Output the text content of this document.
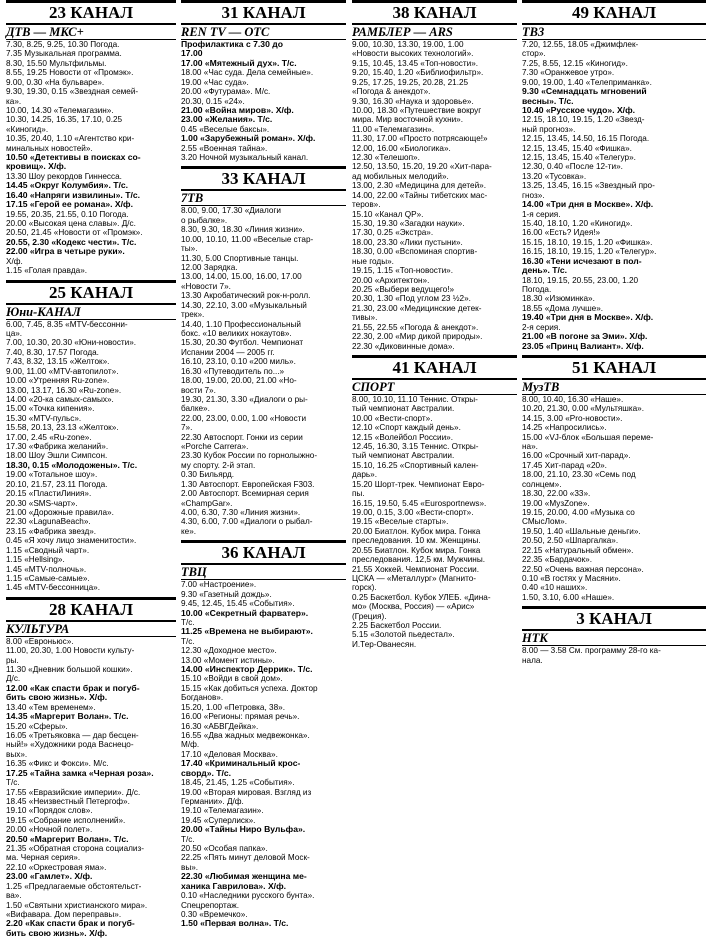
23 КАНАЛ
ДТВ — МКС+
7.30, 8.25, 9.25, 10.30 Погода.
7.35 Музыкальная программа.
8.30, 15.50 Мультфильмы.
8.55, 19.25 Новости от «Промэк».
9.00, 0.30 «На бульваре».
9.30, 19.30, 0.15 «Звездная семей-
ка».
10.00, 14.30 «Телемагазин».
10.30, 14.25, 16.35, 17.10, 0.25
«Киногид».
10.35, 20.40, 1.10 «Агентство кри-
минальных новостей».
10.50 «Детективы в поисках со-
кровищ». Х/ф.
13.30 Шоу рекордов Гиннесса.
14.45 «Округ Колумбия». Т/с.
16.40 «Напряги извилины». Т/с.
17.15 «Герой ее романа». Х/ф.
19.55, 20.35, 21.55, 0.10 Погода.
20.00 «Высокая цена славы». Д/с.
20.50, 21.45 «Новости от «Промэк».
20.55, 2.30 «Кодекс чести». Т/с.
22.00 «Игра в четыре руки».
Х/ф.
1.15 «Голая правда».
25 КАНАЛ
Юни-КАНАЛ
6.00, 7.45, 8.35 «MTV-бессонни-
ца».
7.00, 10.30, 20.30 «Юни-новости».
7.40, 8.30, 17.57 Погода.
7.43, 8.32, 13.15 «Желток».
9.00, 11.00 «MTV-автопилот».
10.00 «Утренняя Ru-zone».
13.00, 13.17, 16.30 «Ru-zone».
14.00 «20-ка самых-самых».
15.00 «Точка кипения».
15.30 «MTV-пульс».
15.58, 20.13, 23.13 «Желток».
17.00, 2.45 «Ru-zone».
17.30 «Фабрика желаний».
18.00 Шоу Эшли Симпсон.
18.30, 0.15 «Молодожены». Т/с.
19.00 «Тотальное шоу».
20.10, 21.57, 23.11 Погода.
20.15 «ПластиЛиния».
20.30 «SMS-чарт».
21.00 «Дорожные правила».
22.30 «LagunaBeach».
23.15 «Фабрика звезд».
0.45 «Я хочу лицо знаменитости».
1.15 «Сводный чарт».
1.15 «Hellsing».
1.45 «MTV-полночь».
1.15 «Самые-самые».
1.45 «MTV-бессонница».
28 КАНАЛ
КУЛЬТУРА
8.00 «Евроньюс».
11.00, 20.30, 1.00 Новости культу-
ры.
11.30 «Дневник большой кошки».
Д/с.
12.00 «Как спасти брак и погуб-
бить свою жизнь». Х/ф.
13.40 «Тем временем».
14.35 «Маргерит Волан». Т/с.
15.20 «Сферы».
16.05 «Третьяковка — дар бесцен-
ный!» «Художники рода Васнецо-
вых».
16.35 «Фикс и Фокси». М/с.
17.25 «Тайна замка «Черная роза».
Т/с.
17.55 «Евразийские империи». Д/с.
18.45 «Неизвестный Петергоф».
19.10 «Порядок слов».
19.15 «Собрание исполнений».
20.00 «Ночной полет».
20.50 «Маргерит Волан». Т/с.
21.35 «Обратная сторона социализ-
ма. Черная серия».
22.10 «Оркестровая яма».
23.00 «Гамлет». Х/ф.
1.25 «Предлагаемые обстоятельст-
ва».
1.50 «Святыни христианского мира».
«Вифавара. Дом переправы».
2.20 «Как спасти брак и погуб-
бить свою жизнь». Х/ф.
31 КАНАЛ
REN TV — ОТС
Профилактика с 7.30 до
17.00
17.00 «Мятежный дух». Т/с.
18.00 «Час суда. Дела семейные».
19.00 «Час суда».
20.00 «Футурама». М/с.
20.30, 0.15 «24».
21.00 «Война миров». Х/ф.
23.00 «Желания». Т/с.
0.45 «Веселые баксы».
1.00 «Зарубежный роман». Х/ф.
2.55 «Военная тайна».
3.20 Ночной музыкальный канал.
33 КАНАЛ
7ТВ
8.00, 9.00, 17.30 «Диалоги
о рыбалке».
8.30, 9.30, 18.30 «Линия жизни».
10.00, 10.10, 11.00 «Веселые стар-
ты».
11.30, 5.00 Спортивные танцы.
12.00 Зарядка.
13.00, 14.00, 15.00, 16.00, 17.00
«Новости 7».
13.30 Акробатический рок-н-ролл.
14.30, 22.10, 3.00 «Музыкальный
трек».
14.40, 1.10 Профессиональный
бокс. «10 великих нокаутов».
15.30, 20.30 Футбол. Чемпионат
Испании 2004 — 2005 гг.
16.10, 23.10, 0.10 «200 миль».
16.30 «Путеводитель по...»
18.00, 19.00, 20.00, 21.00 «Но-
вости 7».
19.30, 21.30, 3.30 «Диалоги о ры-
балке».
22.00, 23.00, 0.00, 1.00 «Новости
7».
22.30 Автоспорт. Гонки из серии
«Porche Carrera».
23.30 Кубок России по горнолыжно-
му спорту. 2-й этап.
0.30 Бильярд.
1.30 Автоспорт. Европейская F303.
2.00 Автоспорт. Всемирная серия
«ChampGar».
4.00, 6.30, 7.30 «Линия жизни».
4.30, 6.00, 7.00 «Диалоги о рыбал-
ке».
36 КАНАЛ
ТВЦ
7.00 «Настроение».
9.30 «Газетный дождь».
9.45, 12.45, 15.45 «События».
10.00 «Секретный фарватер».
Т/с.
11.25 «Времена не выбирают».
Т/с.
12.30 «Доходное место».
13.00 «Момент истины».
14.00 «Инспектор Деррик». Т/с.
15.10 «Войди в свой дом».
15.15 «Как добиться успеха. Доктор
Богданов».
15.20, 1.00 «Петровка, 38».
16.00 «Регионы: прямая речь».
16.30 «АБВГДейка».
16.55 «Два жадных медвежонка».
М/ф.
17.10 «Деловая Москва».
17.40 «Криминальный крос-
сворд». Т/с.
18.45, 21.45, 1.25 «События».
19.00 «Вторая мировая. Взгляд из
Германии». Д/ф.
19.10 «Телемагазин».
19.45 «Суперлиск».
20.00 «Тайны Ниро Вульфа».
Т/с.
20.50 «Особая папка».
22.25 «Пять минут деловой Моск-
вы».
22.30 «Любимая женщина ме-
ханика Гаврилова». Х/ф.
0.10 «Наследники русского бунта».
Спецрепортаж.
0.30 «Времечко».
1.50 «Первая волна». Т/с.
38 КАНАЛ
РАМБЛЕР — ARS
9.00, 10.30, 13.30, 19.00, 1.00
«Новости высоких технологий».
9.15, 10.45, 13.45 «Топ-новости».
9.20, 15.40, 1.20 «Библиофильтр».
9.25, 17.25, 19.25, 20.28, 21.25
«Погода & анекдот».
9.30, 16.30 «Наука и здоровье».
10.00, 18.30 «Путешествие вокруг
мира. Мир восточной кухни».
11.00 «Телемагазин».
11.30, 17.00 «Просто потрясающе!»
12.00, 16.00 «Биологика».
12.30 «Телешоп».
12.50, 13.50, 15.20, 19.20 «Хит-пара-
ад мобильных мелодий».
13.00, 2.30 «Медицина для детей».
14.00, 22.00 «Тайны тибетских мас-
теров».
15.10 «Канал QP».
15.30, 19.30 «Загадки науки».
17.30, 0.25 «Экстра».
18.00, 23.30 «Лики пустыни».
18.30, 0.00 «Вспоминая спортив-
ные годы».
19.15, 1.15 «Топ-новости».
20.00 «Архитектон».
20.25 «Выбери ведущего!»
20.30, 1.30 «Под углом 23 ½2».
21.30, 23.00 «Медицинские детек-
тивы».
21.55, 22.55 «Погода & анекдот».
22.30, 2.00 «Мир дикой природы».
22.30 «Диковинные дома».
41 КАНАЛ
СПОРТ
8.00, 10.10, 11.10 Теннис. Откры-
тый чемпионат Австралии.
10.00 «Вести-спорт».
12.10 «Спорт каждый день».
12.15 «Волейбол России».
12.45, 16.30, 3.15 Теннис. Откры-
тый чемпионат Австралии.
15.10, 16.25 «Спортивный кален-
дарь».
15.20 Шорт-трек. Чемпионат Евро-
пы.
16.15, 19.50, 5.45 «Eurosportnews».
19.00, 0.15, 3.00 «Вести-спорт».
19.15 «Веселые старты».
20.00 Биатлон. Кубок мира. Гонка
преследования. 10 км. Женщины.
20.55 Биатлон. Кубок мира. Гонка
преследования. 12,5 км. Мужчины.
21.55 Хоккей. Чемпионат России.
ЦСКА — «Металлург» (Магнито-
горск).
0.25 Баскетбол. Кубок УЛЕБ. «Дина-
мо» (Москва, Россия) — «Арис»
(Греция).
2.25 Баскетбол России.
5.15 «Золотой пьедестал».
И.Тер-Ованесян.
49 КАНАЛ
ТВ3
7.20, 12.55, 18.05 «Джимфлек-
стор».
7.25, 8.55, 12.15 «Киногид».
7.30 «Оранжевое утро».
9.00, 19.00, 1.40 «Телеприманка».
9.30 «Семнадцать мгновений
весны». Т/с.
10.40 «Русское чудо». Х/ф.
12.15, 18.10, 19.15, 1.20 «Звезд-
ный прогноз».
12.15, 13.45, 14.50, 16.15 Погода.
12.15, 13.45, 15.40 «Фишка».
12.15, 13.45, 15.40 «Телегур».
12.30, 0.40 «После 12-ти».
13.20 «Тусовка».
13.25, 13.45, 16.15 «Звездный про-
гноз».
14.00 «Три дня в Москве». Х/ф.
1-я серия.
15.40, 18.10, 1.20 «Киногид».
16.00 «Есть? Идея!»
15.15, 18.10, 19.15, 1.20 «Фишка».
16.15, 18.10, 19.15, 1.20 «Телегур».
16.30 «Тени исчезают в пол-
день». Т/с.
18.10, 19.15, 20.55, 23.00, 1.20
Погода.
18.30 «Изюминка».
18.55 «Дома лучше».
19.40 «Три дня в Москве». Х/ф.
2-я серия.
21.00 «В погоне за Эми». Х/ф.
23.05 «Принц Валиант». Х/ф.
51 КАНАЛ
МузТВ
8.00, 10.40, 16.30 «Наше».
10.20, 21.30, 0.00 «Мультяшка».
14.15, 3.00 «Pro-новости».
14.25 «Напросились».
15.00 «VJ-блок «Большая переме-
на».
16.00 «Срочный хит-парад».
17.45 Хит-парад «20».
18.00, 21.10, 23.30 «Семь под
солнцем».
18.30, 22.00 «33».
19.00 «МузZone».
19.15, 20.00, 4.00 «Музыка со
СМысЛом».
19.50, 1.40 «Шальные деньги».
20.50, 2.50 «Шпаргалка».
22.15 «Натуральный обмен».
22.35 «Бардачок».
22.50 «Очень важная персона».
0.10 «В гостях у Масяни».
0.40 «10 наших».
1.50, 3.10, 6.00 «Наше».
3 КАНАЛ
НТК
8.00 — 3.58 См. программу 28-го ка-
нала.
